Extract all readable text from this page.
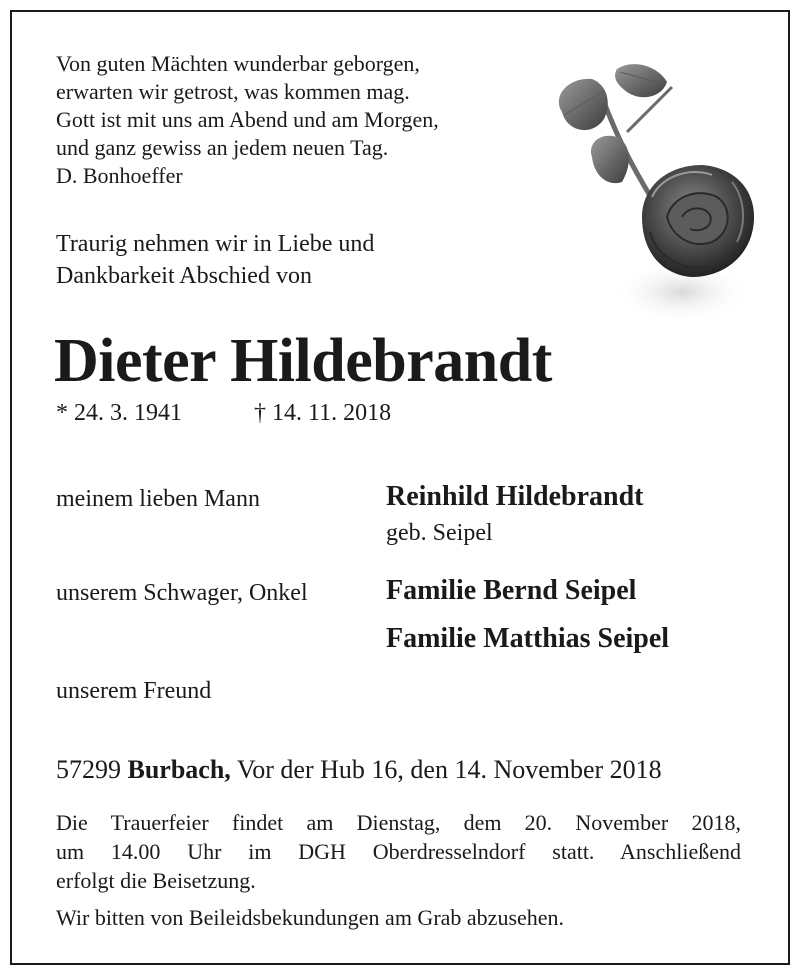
Von guten Mächten wunderbar geborgen,
erwarten wir getrost, was kommen mag.
Gott ist mit uns am Abend und am Morgen,
und ganz gewiss an jedem neuen Tag.
D. Bonhoeffer
Traurig nehmen wir in Liebe und
Dankbarkeit Abschied von
Dieter Hildebrandt
* 24. 3. 1941	† 14. 11. 2018
meinem lieben Mann	Reinhild Hildebrandt
geb. Seipel
unserem Schwager, Onkel	Familie Bernd Seipel
Familie Matthias Seipel
unserem Freund
57299 Burbach, Vor der Hub 16, den 14. November 2018
Die Trauerfeier findet am Dienstag, dem 20. November 2018,
um 14.00 Uhr im DGH Oberdresselndorf statt. Anschließend
erfolgt die Beisetzung.
Wir bitten von Beileidsbekundungen am Grab abzusehen.
